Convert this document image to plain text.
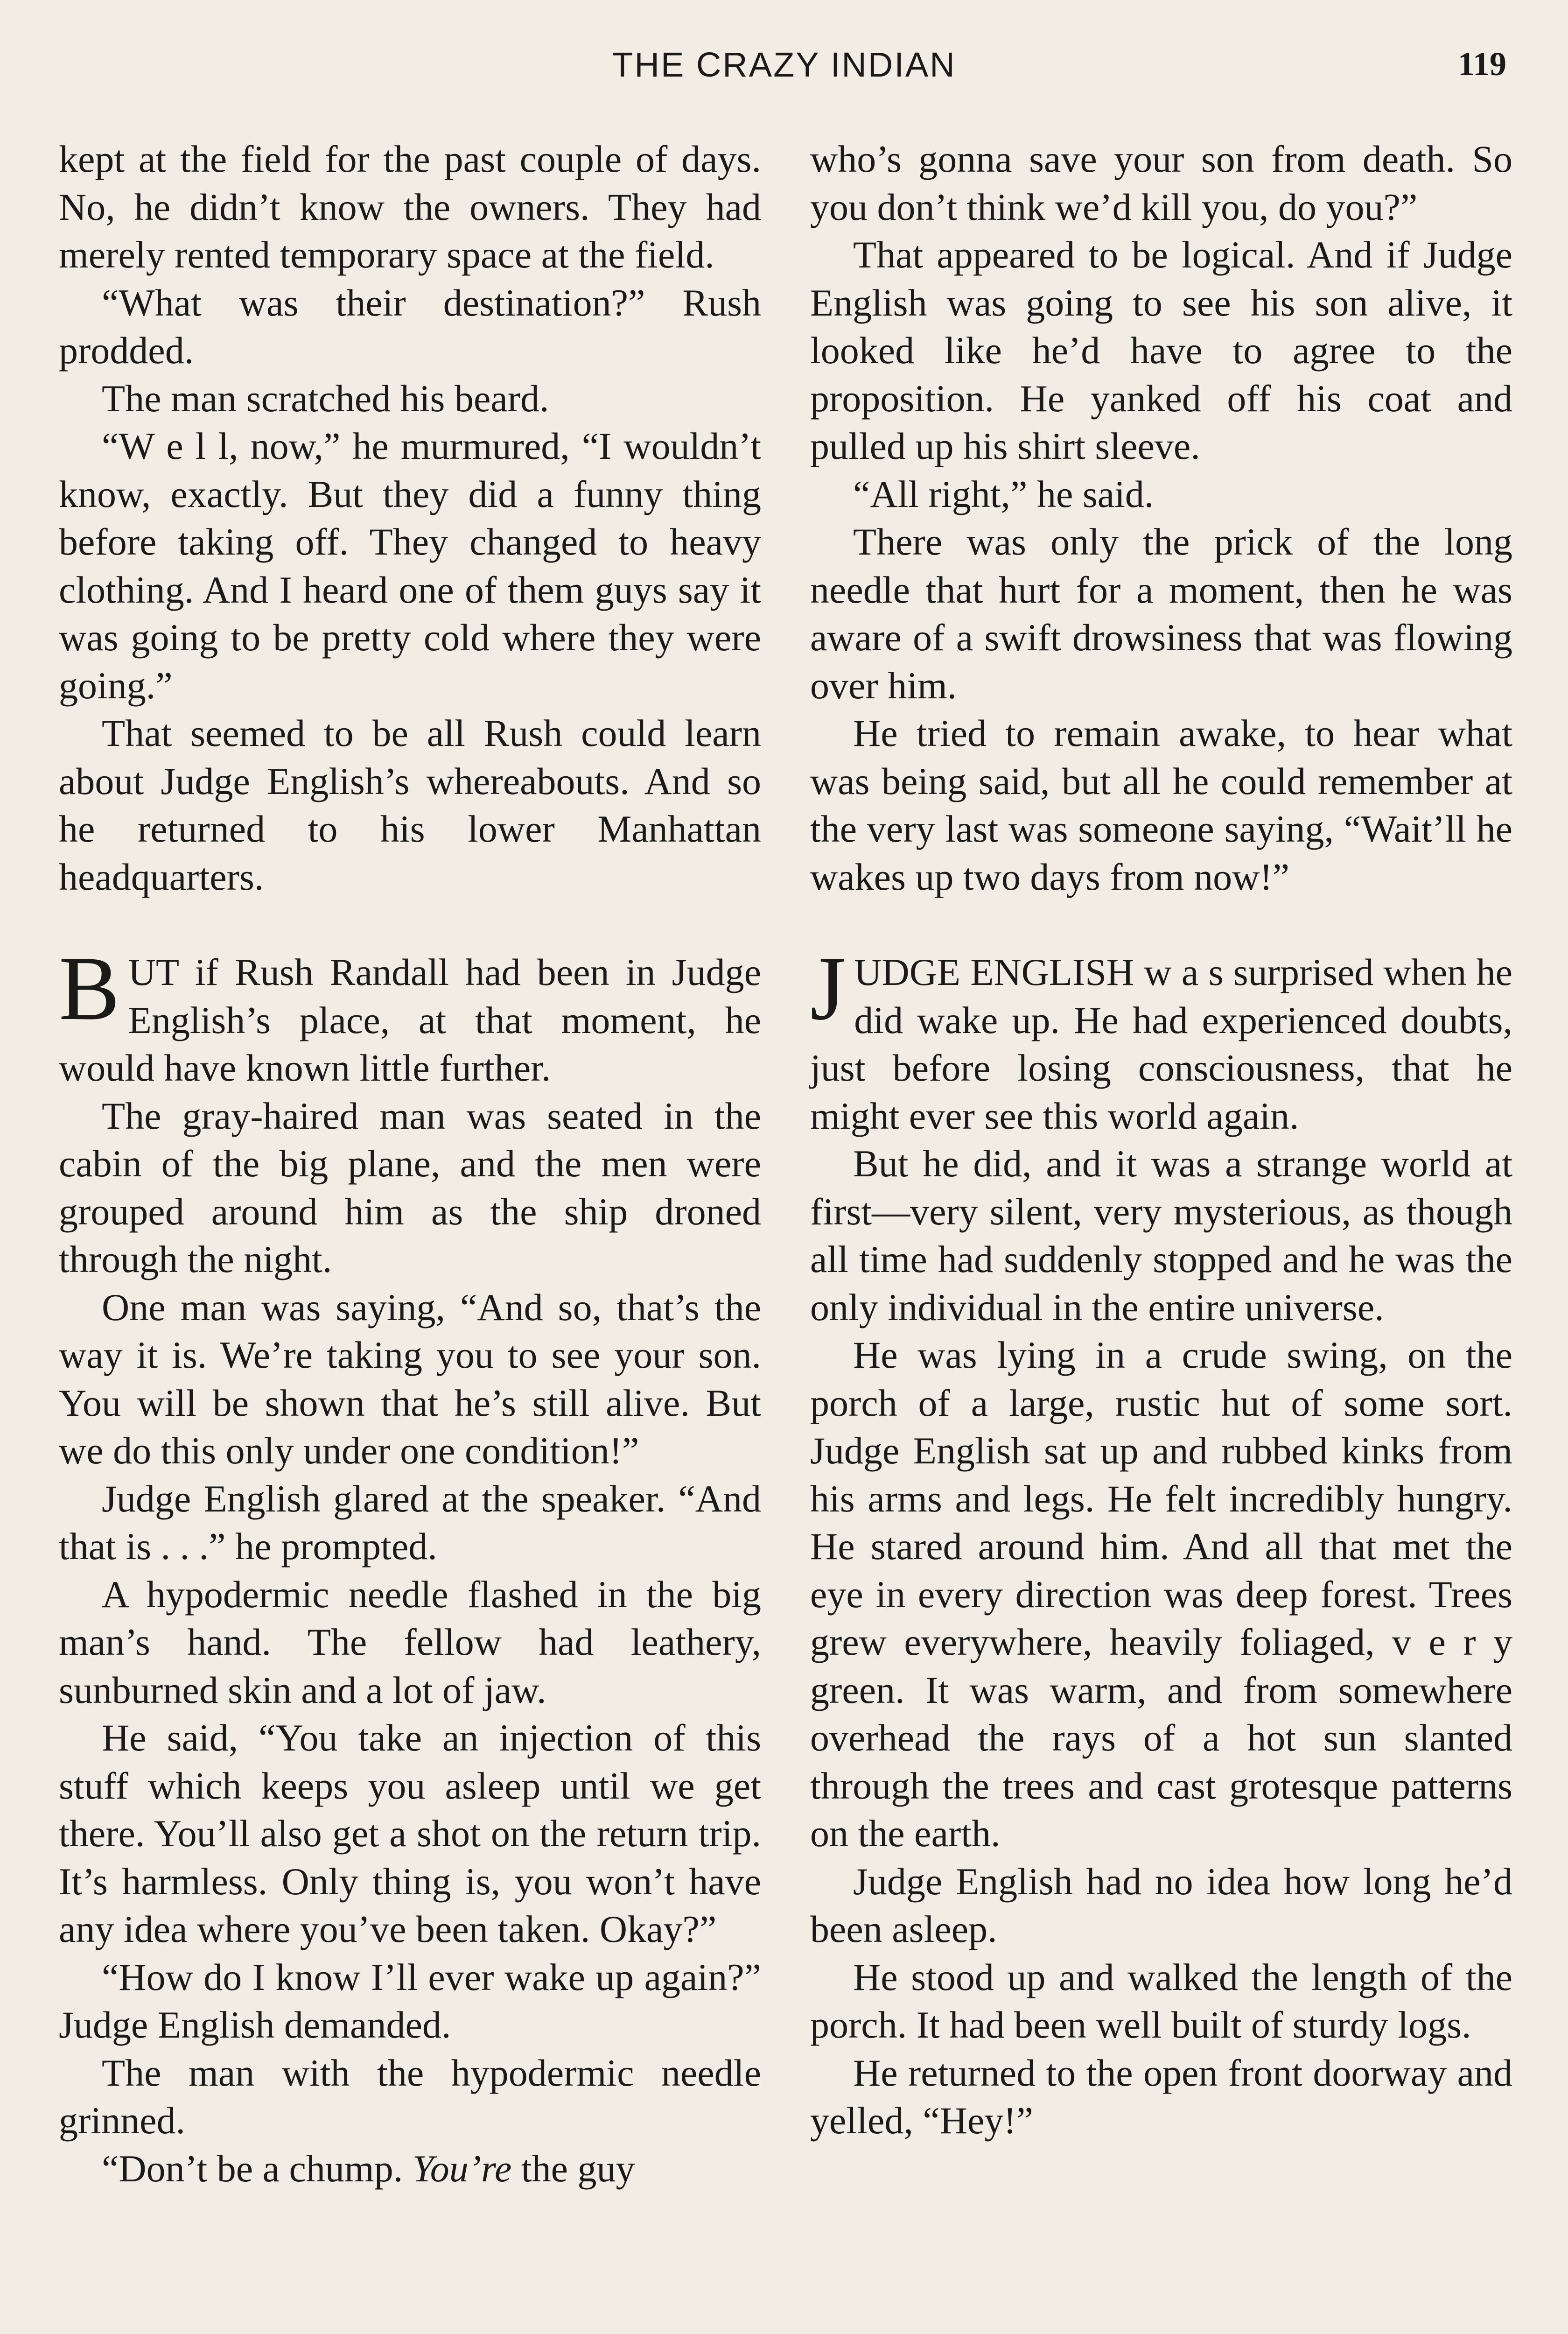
THE CRAZY INDIAN	119

kept at the field for the past couple of days. No, he didn’t know the owners. They had merely rented temporary space at the field.

“What was their destination?” Rush prodded.

The man scratched his beard.

“W e l l, now,” he murmured, “I wouldn’t know, exactly. But they did a funny thing before taking off. They changed to heavy clothing. And I heard one of them guys say it was going to be pretty cold where they were going.”

That seemed to be all Rush could learn about Judge English’s whereabouts. And so he returned to his lower Manhattan headquarters.

BUT if Rush Randall had been in Judge English’s place, at that moment, he would have known little further.

The gray-haired man was seated in the cabin of the big plane, and the men were grouped around him as the ship droned through the night.

One man was saying, “And so, that’s the way it is. We’re taking you to see your son. You will be shown that he’s still alive. But we do this only under one condition!”

Judge English glared at the speaker. “And that is . . .” he prompted.

A hypodermic needle flashed in the big man’s hand. The fellow had leathery, sunburned skin and a lot of jaw.

He said, “You take an injection of this stuff which keeps you asleep until we get there. You’ll also get a shot on the return trip. It’s harmless. Only thing is, you won’t have any idea where you’ve been taken. Okay?”

“How do I know I’ll ever wake up again?” Judge English demanded.

The man with the hypodermic needle grinned.

“Don’t be a chump. You’re the guy

who’s gonna save your son from death. So you don’t think we’d kill you, do you?”

That appeared to be logical. And if Judge English was going to see his son alive, it looked like he’d have to agree to the proposition. He yanked off his coat and pulled up his shirt sleeve.

“All right,” he said.

There was only the prick of the long needle that hurt for a moment, then he was aware of a swift drowsiness that was flowing over him.

He tried to remain awake, to hear what was being said, but all he could remember at the very last was someone saying, “Wait’ll he wakes up two days from now!”

JUDGE ENGLISH w a s surprised when he did wake up. He had experienced doubts, just before losing consciousness, that he might ever see this world again.

But he did, and it was a strange world at first—very silent, very mysterious, as though all time had suddenly stopped and he was the only individual in the entire universe.

He was lying in a crude swing, on the porch of a large, rustic hut of some sort. Judge English sat up and rubbed kinks from his arms and legs. He felt incredibly hungry. He stared around him. And all that met the eye in every direction was deep forest. Trees grew everywhere, heavily foliaged, v e r y green. It was warm, and from somewhere overhead the rays of a hot sun slanted through the trees and cast grotesque patterns on the earth.

Judge English had no idea how long he’d been asleep.

He stood up and walked the length of the porch. It had been well built of sturdy logs.

He returned to the open front doorway and yelled, “Hey!”
